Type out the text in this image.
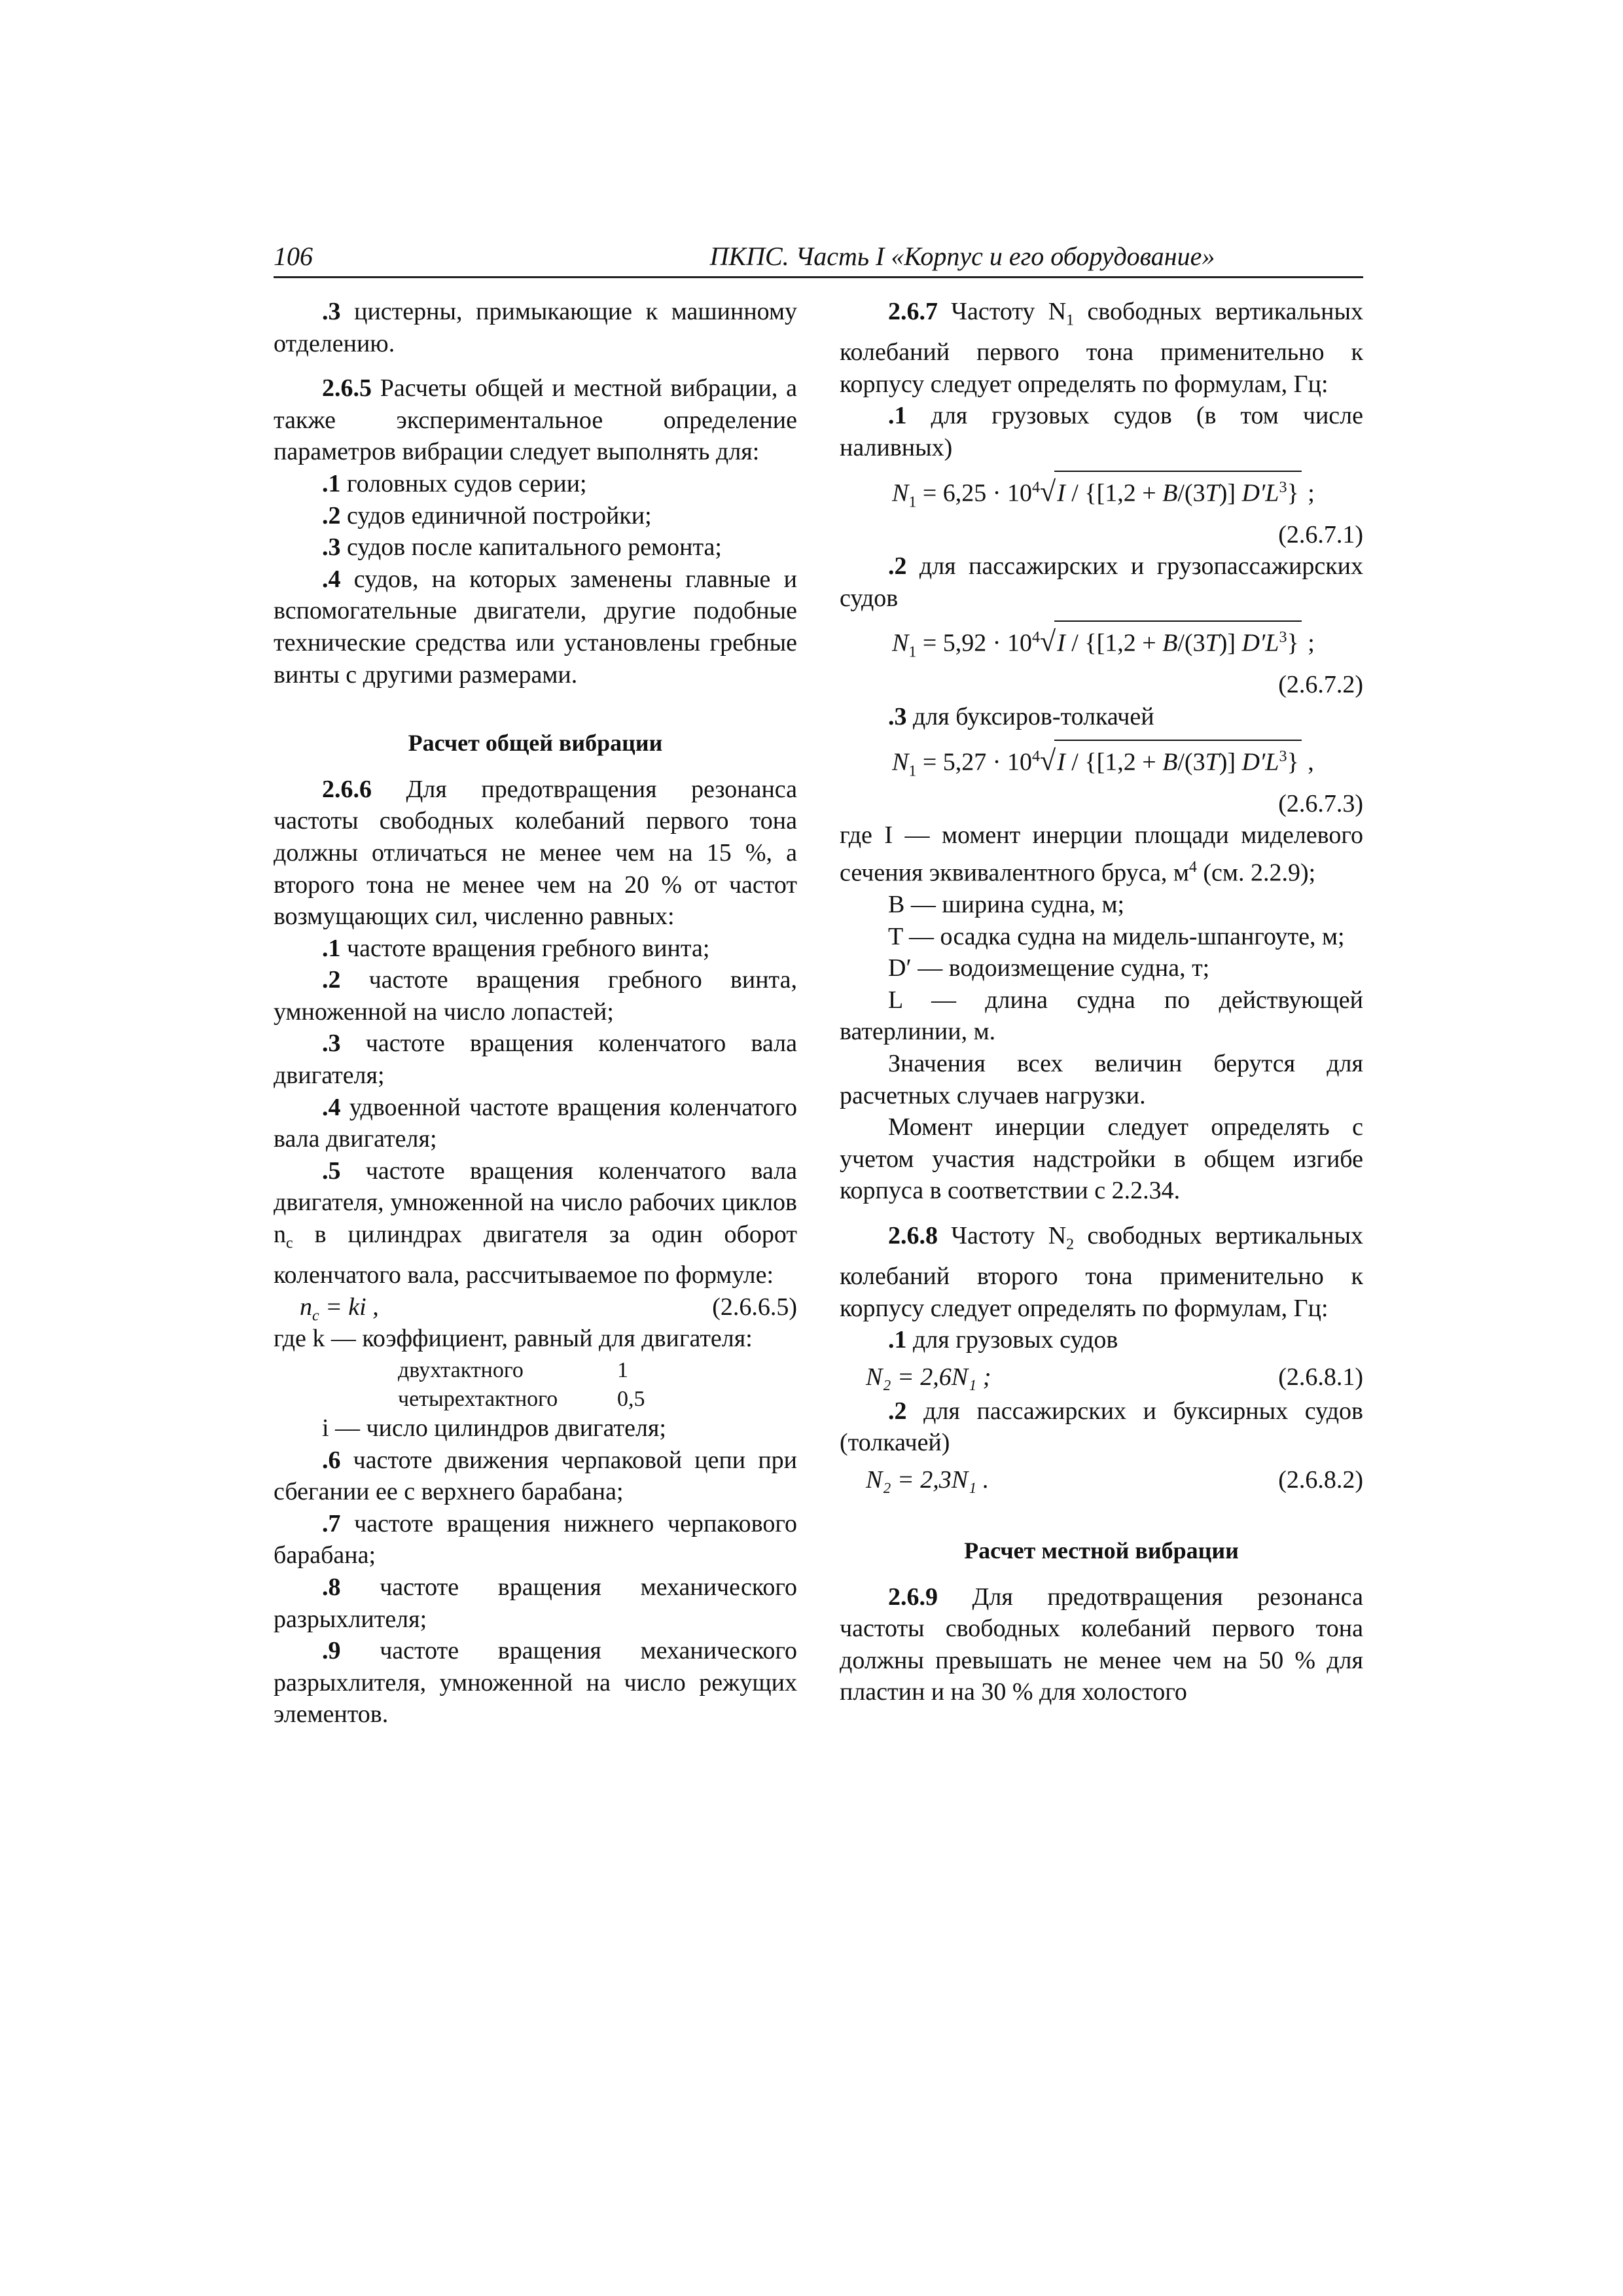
106	ПКПС. Часть I «Корпус и его оборудование»

.3 цистерны, примыкающие к машинному отделению.

2.6.5 Расчеты общей и местной вибрации, а также экспериментальное определение параметров вибрации следует выполнять для:

.1 головных судов серии;

.2 судов единичной постройки;

.3 судов после капитального ремонта;

.4 судов, на которых заменены главные и вспомогательные двигатели, другие подобные технические средства или установлены гребные винты с другими размерами.

Расчет общей вибрации

2.6.6 Для предотвращения резонанса частоты свободных колебаний первого тона должны отличаться не менее чем на 15 %, а второго тона не менее чем на 20 % от частот возмущающих сил, численно равных:

.1 частоте вращения гребного винта;

.2 частоте вращения гребного винта, умноженной на число лопастей;

.3 частоте вращения коленчатого вала двигателя;

.4 удвоенной частоте вращения коленчатого вала двигателя;

.5 частоте вращения коленчатого вала двигателя, умноженной на число рабочих циклов $n_c$ в цилиндрах двигателя за один оборот коленчатого вала, рассчитываемое по формуле:

$n_c$ = ki ,	(2.6.6.5)

где k — коэффициент, равный для двигателя:

двухтактного	1
четырехтактного	0,5

i — число цилиндров двигателя;

.6 частоте движения черпаковой цепи при сбегании ее с верхнего барабана;

.7 частоте вращения нижнего черпакового барабана;

.8 частоте вращения механического разрыхлителя;

.9 частоте вращения механического разрыхлителя, умноженной на число режущих элементов.

2.6.7 Частоту $N_1$ свободных вертикальных колебаний первого тона применительно к корпусу следует определять по формулам, Гц:

.1 для грузовых судов (в том числе наливных)

$N_1 = 6,25 \cdot 10^4√I / \{[1,2 + B/(3T)]$ $D'L^3$} ;
(2.6.7.1)

.2 для пассажирских и грузопассажирских судов

$N_1 = 5,92 \cdot 10^4√I / \{[1,2 + B/(3T)]$ $D'L^3$} ;
(2.6.7.2)

.3 для буксиров-толкачей

$N_1 = 5,27 \cdot 10^4√I / \{[1,2 + B/(3T)]$ $D'L^3$} ,
(2.6.7.3)

где I — момент инерции площади миделевого сечения эквивалентного бруса, $м^4$ (см. 2.2.9);

B — ширина судна, м;

T — осадка судна на мидель-шпангоуте, м;

D′ — водоизмещение судна, т;

L — длина судна по действующей ватерлинии, м.

Значения всех величин берутся для расчетных случаев нагрузки.

Момент инерции следует определять с учетом участия надстройки в общем изгибе корпуса в соответствии с 2.2.34.

2.6.8 Частоту $N_2$ свободных вертикальных колебаний второго тона применительно к корпусу следует определять по формулам, Гц:

.1 для грузовых судов

N₂ = 2,6N₁ ;	(2.6.8.1)

.2 для пассажирских и буксирных судов (толкачей)

N₂ = 2,3N₁ .	(2.6.8.2)
Расчет местной вибрации

2.6.9 Для предотвращения резонанса частоты свободных колебаний первого тона должны превышать не менее чем на 50 % для пластин и на 30 % для холостого
